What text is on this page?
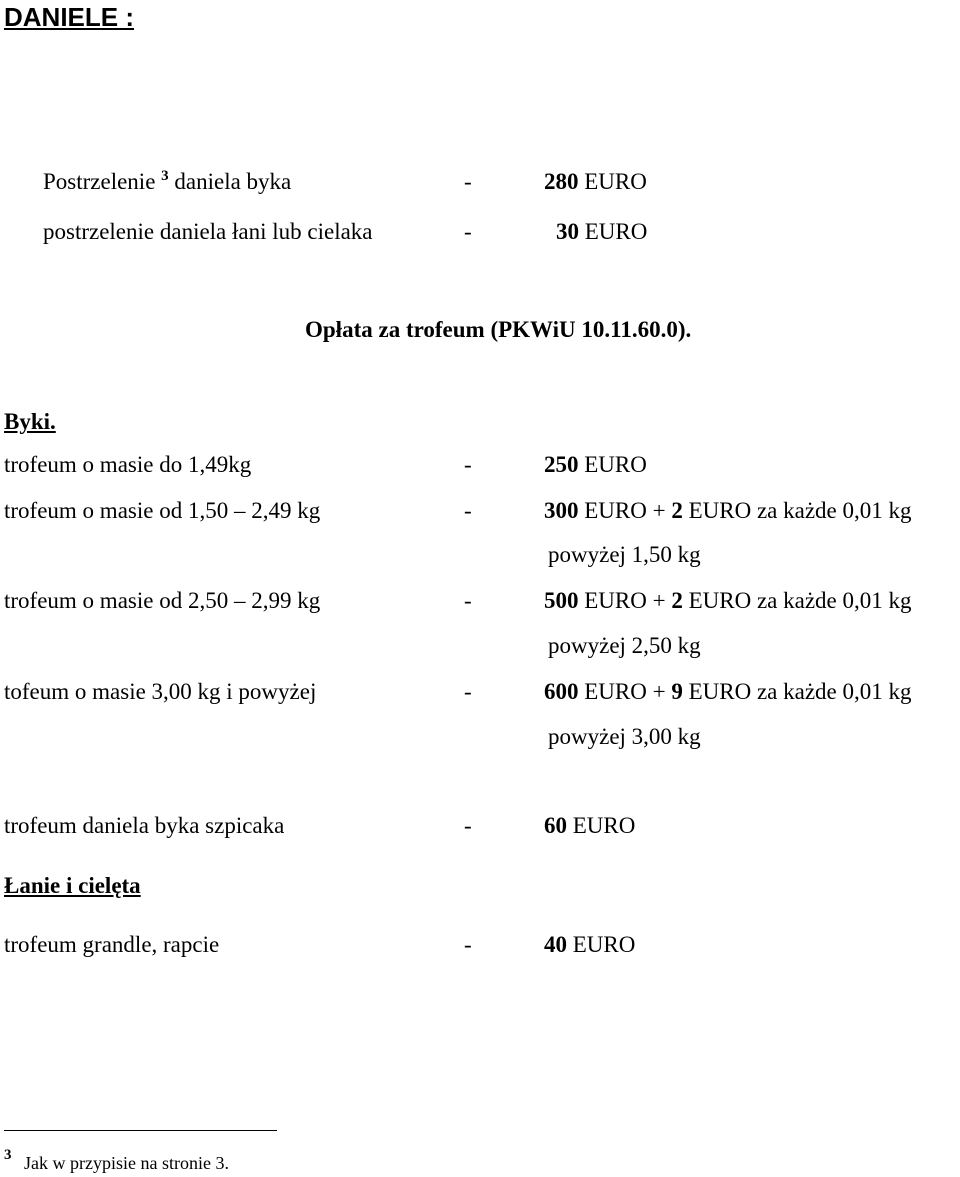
DANIELE :
Postrzelenie $^3$ daniela byka	-	280 EURO
postrzelenie daniela łani lub cielaka	-	30 EURO
Opłata za trofeum (PKWiU 10.11.60.0).
Byki.
trofeum o masie do 1,49kg	-	250 EURO
trofeum o masie od 1,50 – 2,49 kg	-	300 EURO + 2 EURO za każde 0,01 kg
powyżej 1,50 kg
trofeum o masie od 2,50 – 2,99 kg	-	500 EURO + 2 EURO za każde 0,01 kg
powyżej 2,50 kg
tofeum o masie 3,00 kg i powyżej	-	600 EURO + 9 EURO za każde 0,01 kg
powyżej 3,00 kg
trofeum daniela byka szpicaka	-	60 EURO
Łanie i cielęta
trofeum grandle, rapcie	-	40 EURO
3 Jak w przypisie na stronie 3.
